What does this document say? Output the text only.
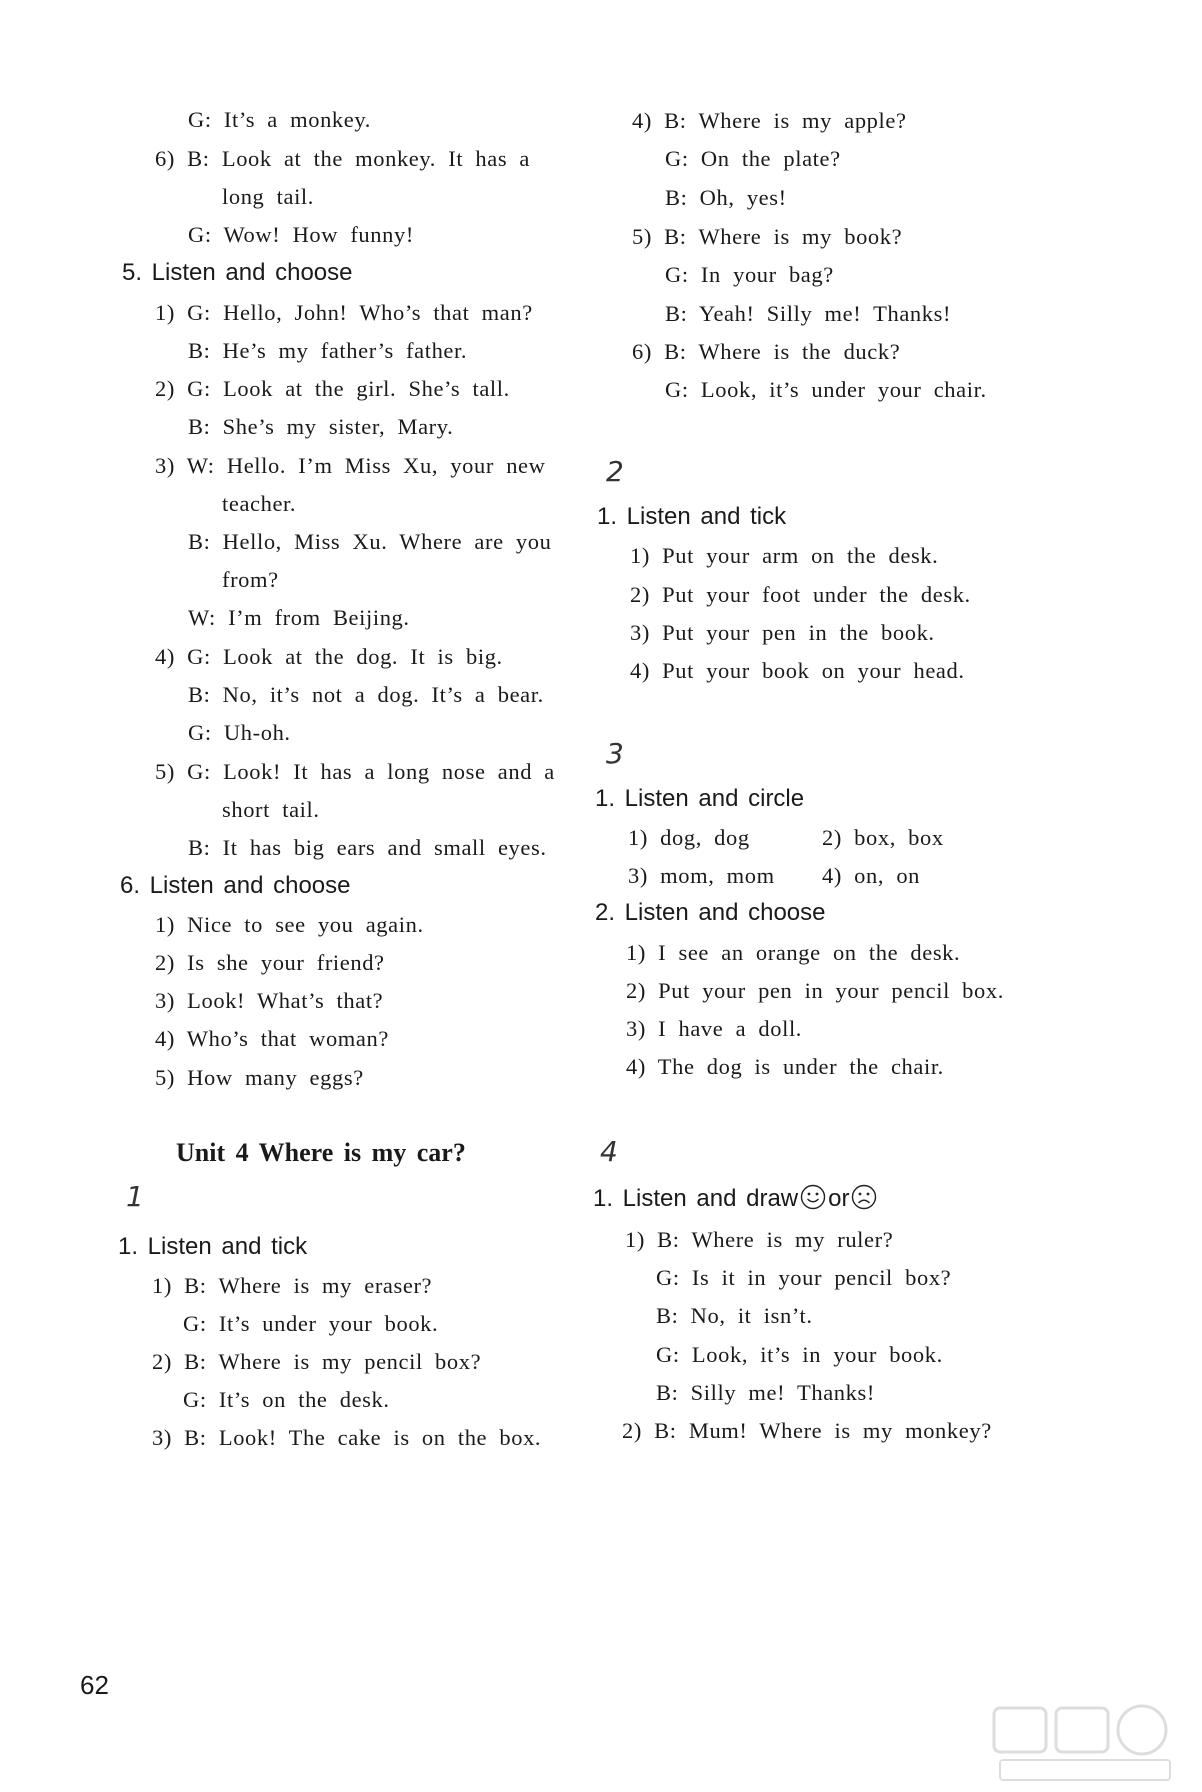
G: It’s a monkey.
6) B: Look at the monkey. It has a
long tail.
G: Wow! How funny!
1) G: Hello, John! Who’s that man?
B: He’s my father’s father.
2) G: Look at the girl. She’s tall.
B: She’s my sister, Mary.
3) W: Hello. I’m Miss Xu, your new
teacher.
B: Hello, Miss Xu. Where are you
from?
W: I’m from Beijing.
4) G: Look at the dog. It is big.
B: No, it’s not a dog. It’s a bear.
G: Uh-oh.
5) G: Look! It has a long nose and a
short tail.
B: It has big ears and small eyes.
1) Nice to see you again.
2) Is she your friend?
3) Look! What’s that?
4) Who’s that woman?
5) How many eggs?
1) B: Where is my eraser?
G: It’s under your book.
2) B: Where is my pencil box?
G: It’s on the desk.
3) B: Look! The cake is on the box.
5. Listen and choose
6. Listen and choose
1. Listen and tick
1
4) B: Where is my apple?
G: On the plate?
B: Oh, yes!
5) B: Where is my book?
G: In your bag?
B: Yeah! Silly me! Thanks!
6) B: Where is the duck?
G: Look, it’s under your chair.
1) Put your arm on the desk.
2) Put your foot under the desk.
3) Put your pen in the book.
4) Put your book on your head.
1) dog, dog	2) box, box
3) mom, mom 4) on, on
1) I see an orange on the desk.
2) Put your pen in your pencil box.
3) I have a doll.
4) The dog is under the chair.
1) B: Where is my ruler?
G: Is it in your pencil box?
B: No, it isn’t.
G: Look, it’s in your book.
B: Silly me! Thanks!
2) B: Mum! Where is my monkey?
1. Listen and tick
1. Listen and circle
2. Listen and choose
2
3
4
Unit 4 Where is my car?
1. Listen and draw or
62
